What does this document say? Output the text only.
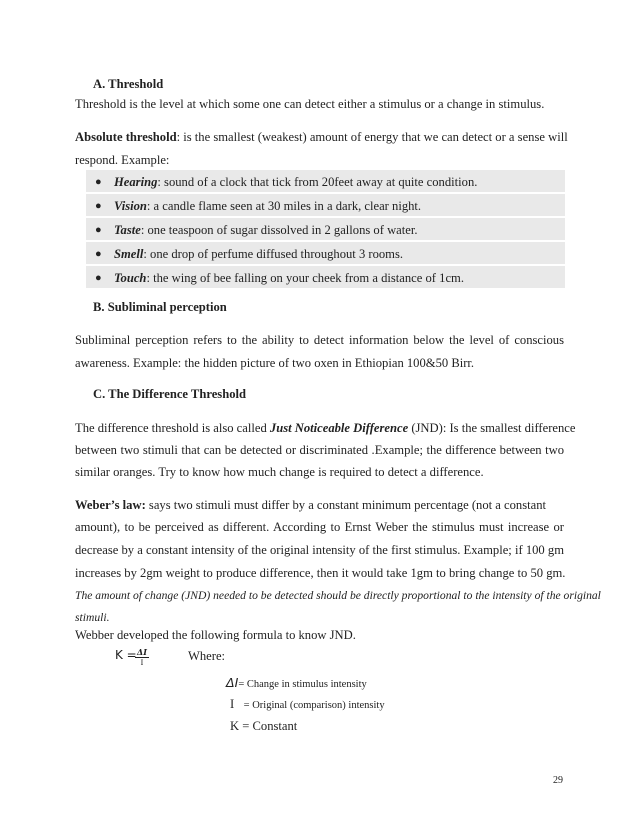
A. Threshold
Threshold is the level at which some one can detect either a stimulus or a change in stimulus.
Absolute threshold: is the smallest (weakest) amount of energy that we can detect or a sense will
respond. Example:
● Hearing: sound of a clock that tick from 20feet away at quite condition.
● Vision: a candle flame seen at 30 miles in a dark, clear night.
● Taste: one teaspoon of sugar dissolved in 2 gallons of water.
● Smell: one drop of perfume diffused throughout 3 rooms.
● Touch: the wing of bee falling on your cheek from a distance of 1cm.
B. Subliminal perception
Subliminal perception refers to the ability to detect information below the level of conscious
awareness. Example: the hidden picture of two oxen in Ethiopian 100&50 Birr.
C. The Difference Threshold
The difference threshold is also called Just Noticeable Difference (JND): Is the smallest difference
between two stimuli that can be detected or discriminated .Example; the difference between two
similar oranges. Try to know how much change is required to detect a difference.
Weber’s law: says two stimuli must differ by a constant minimum percentage (not a constant
amount), to be perceived as different. According to Ernst Weber the stimulus must increase or
decrease by a constant intensity of the original intensity of the first stimulus. Example; if 100 gm
increases by 2gm weight to produce difference, then it would take 1gm to bring change to 50 gm.
The amount of change (JND) needed to be detected should be directly proportional to the intensity of the original
stimuli.
Webber developed the following formula to know JND.
K =
$\frac{\Delta I}{I}$	Where:
ΔI= Change in stimulus intensity
I = Original (comparison) intensity
K = Constant
29
